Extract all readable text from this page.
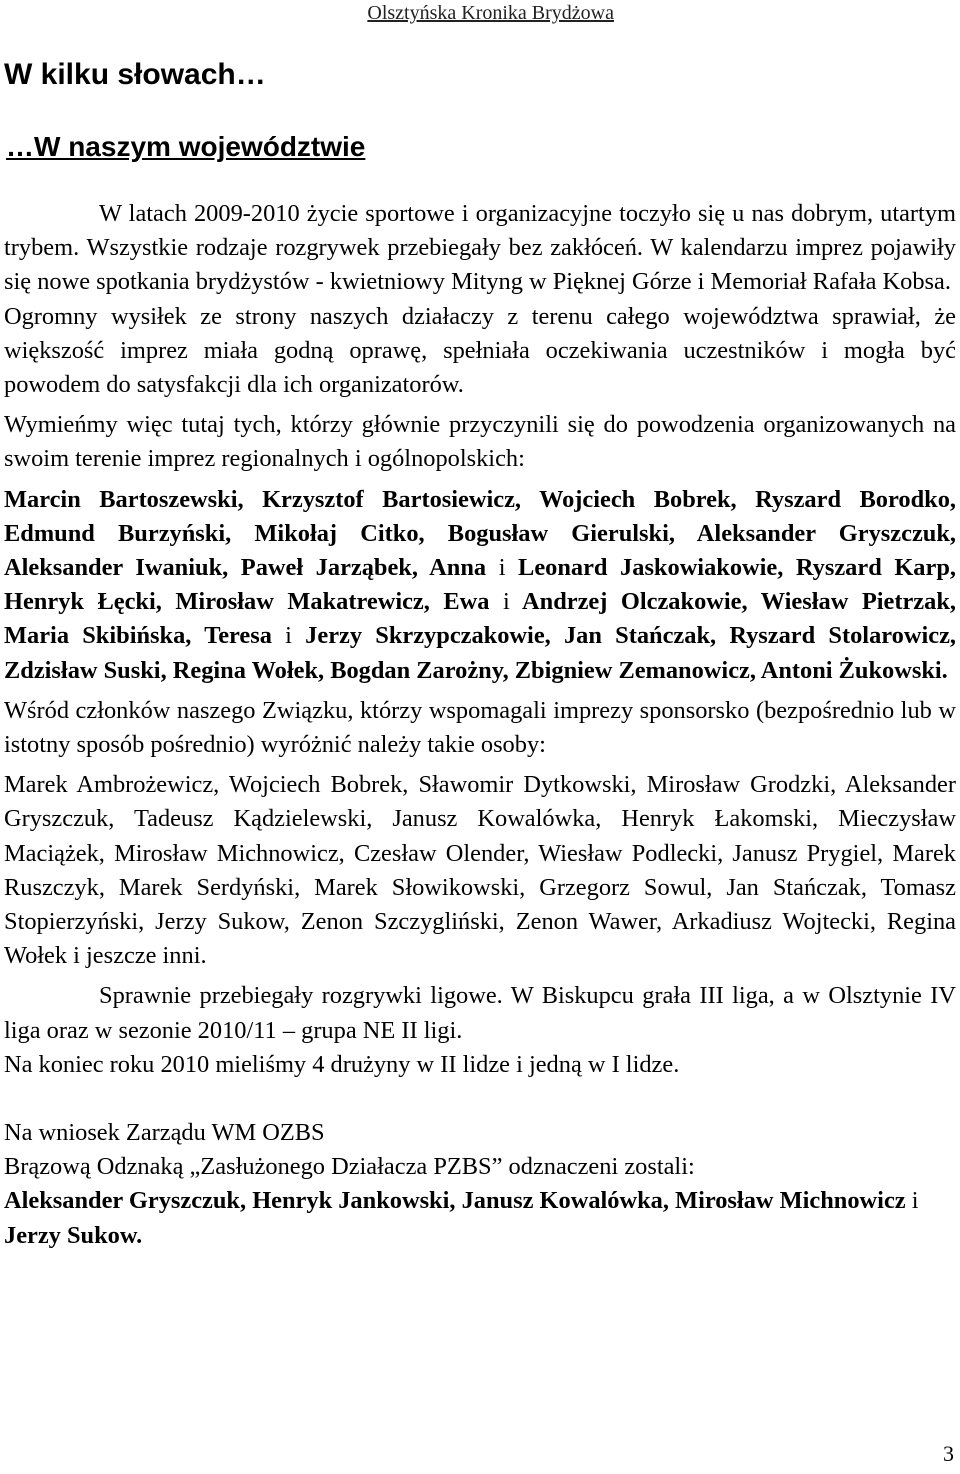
Olsztyńska Kronika Brydżowa
W kilku słowach…
…W naszym województwie

W latach 2009-2010 życie sportowe i organizacyjne toczyło się u nas dobrym, utartym trybem. Wszystkie rodzaje rozgrywek przebiegały bez zakłóceń. W kalendarzu imprez pojawiły się nowe spotkania brydżystów - kwietniowy Mityng w Pięknej Górze i Memoriał Rafała Kobsa.

Ogromny wysiłek ze strony naszych działaczy z terenu całego województwa sprawiał, że większość imprez miała godną oprawę, spełniała oczekiwania uczestników i mogła być powodem do satysfakcji dla ich organizatorów.

Wymieńmy więc tutaj tych, którzy głównie przyczynili się do powodzenia organizowanych na swoim terenie imprez regionalnych i ogólnopolskich:

Marcin Bartoszewski, Krzysztof Bartosiewicz, Wojciech Bobrek, Ryszard Borodko, Edmund Burzyński, Mikołaj Citko, Bogusław Gierulski, Aleksander Gryszczuk, Aleksander Iwaniuk, Paweł Jarząbek, Anna i Leonard Jaskowiakowie, Ryszard Karp, Henryk Łęcki, Mirosław Makatrewicz, Ewa i Andrzej Olczakowie, Wiesław Pietrzak, Maria Skibińska, Teresa i Jerzy Skrzypczakowie, Jan Stańczak, Ryszard Stolarowicz, Zdzisław Suski, Regina Wołek, Bogdan Zarożny, Zbigniew Zemanowicz, Antoni Żukowski.

Wśród członków naszego Związku, którzy wspomagali imprezy sponsorsko (bezpośrednio lub w istotny sposób pośrednio) wyróżnić należy takie osoby:

Marek Ambrożewicz, Wojciech Bobrek, Sławomir Dytkowski, Mirosław Grodzki, Aleksander Gryszczuk, Tadeusz Kądzielewski, Janusz Kowalówka, Henryk Łakomski, Mieczysław Maciążek, Mirosław Michnowicz, Czesław Olender, Wiesław Podlecki, Janusz Prygiel, Marek Ruszczyk, Marek Serdyński, Marek Słowikowski, Grzegorz Sowul, Jan Stańczak, Tomasz Stopierzyński, Jerzy Sukow, Zenon Szczygliński, Zenon Wawer, Arkadiusz Wojtecki, Regina Wołek i jeszcze inni.

Sprawnie przebiegały rozgrywki ligowe. W Biskupcu grała III liga, a w Olsztynie IV liga oraz w sezonie 2010/11 – grupa NE II ligi.

Na koniec roku 2010 mieliśmy 4 drużyny w II lidze i jedną w I lidze.

Na wniosek Zarządu WM OZBS

Brązową Odznaką „Zasłużonego Działacza PZBS” odznaczeni zostali:

Aleksander Gryszczuk, Henryk Jankowski, Janusz Kowalówka, Mirosław Michnowicz i Jerzy Sukow.

3
